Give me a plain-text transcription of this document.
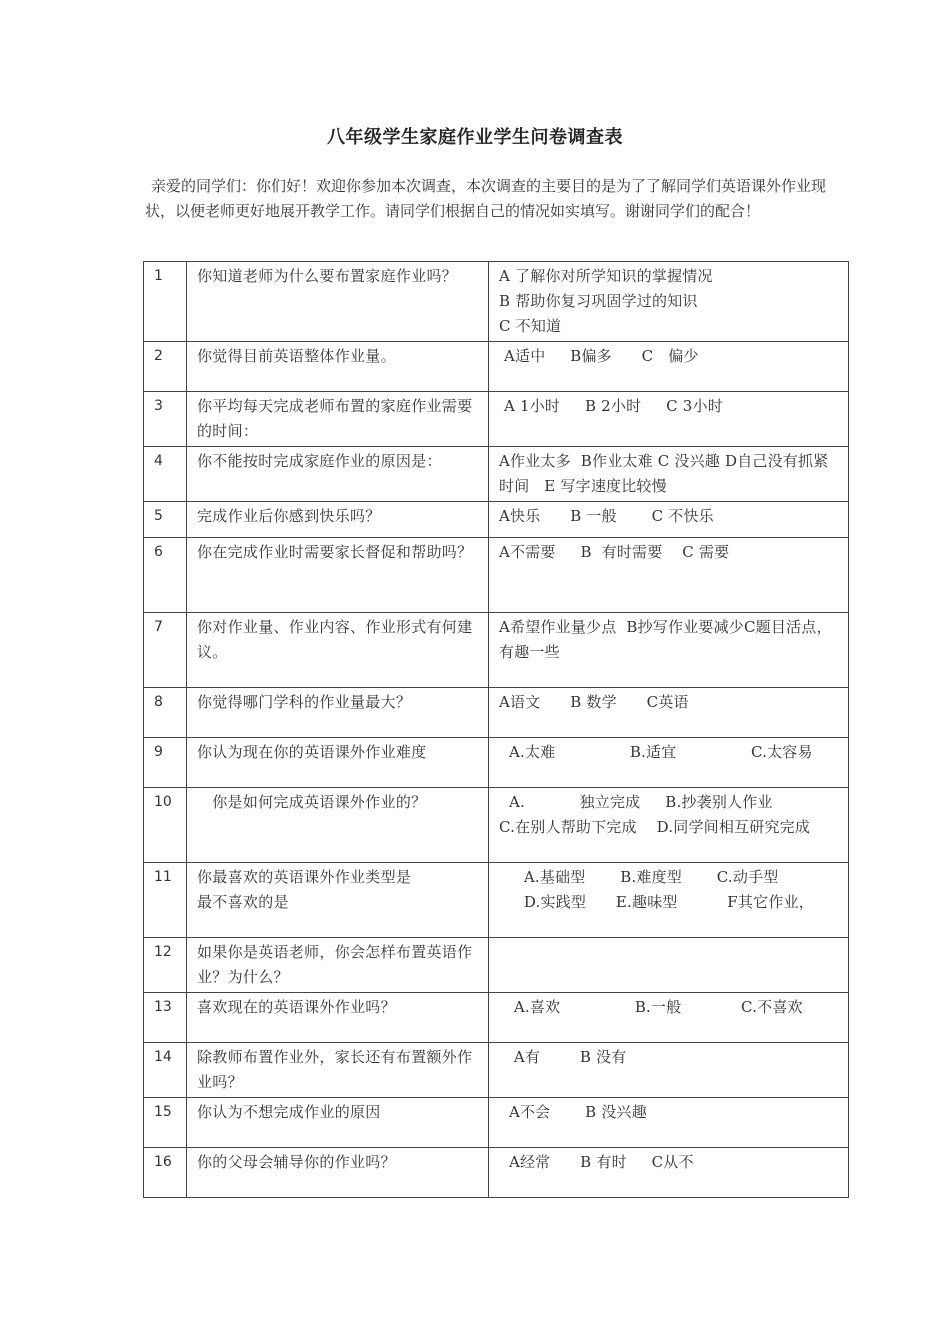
八年级学生家庭作业学生问卷调查表
亲爱的同学们：你们好！欢迎你参加本次调查，本次调查的主要目的是为了了解同学们英语课外作业现状，以便老师更好地展开教学工作。请同学们根据自己的情况如实填写。谢谢同学们的配合！
1	你知道老师为什么要布置家庭作业吗？	A 了解你对所学知识的掌握情况
B 帮助你复习巩固学过的知识
C 不知道
2	你觉得目前英语整体作业量。	A适中     B偏多      C   偏少
3	你平均每天完成老师布置的家庭作业需要的时间：	A 1小时     B 2小时     C 3小时
4	你不能按时完成家庭作业的原因是：	A作业太多  B作业太难 C 没兴趣 D自己没有抓紧时间   E 写字速度比较慢
5	完成作业后你感到快乐吗？	A快乐      B 一般       C 不快乐
6	你在完成作业时需要家长督促和帮助吗？	A不需要     B  有时需要    C 需要
7	你对作业量、作业内容、作业形式有何建议。	A希望作业量少点  B抄写作业要减少C题目活点，有趣一些
8	你觉得哪门学科的作业量最大？	A语文      B 数学      C英语
9	你认为现在你的英语课外作业难度	A.太难               B.适宜               C.太容易
10	你是如何完成英语课外作业的？	A.           独立完成     B.抄袭别人作业
C.在别人帮助下完成    D.同学间相互研究完成
11	你最喜欢的英语课外作业类型是
最不喜欢的是	A.基础型       B.难度型       C.动手型
D.实践型      E.趣味型          F其它作业，
12	如果你是英语老师，你会怎样布置英语作业？为什么？	
13	喜欢现在的英语课外作业吗？	A.喜欢               B.一般            C.不喜欢
14	除教师布置作业外，家长还有布置额外作业吗？	A有        B 没有
15	你认为不想完成作业的原因	A不会       B 没兴趣
16	你的父母会辅导你的作业吗？	A经常      B 有时     C从不
